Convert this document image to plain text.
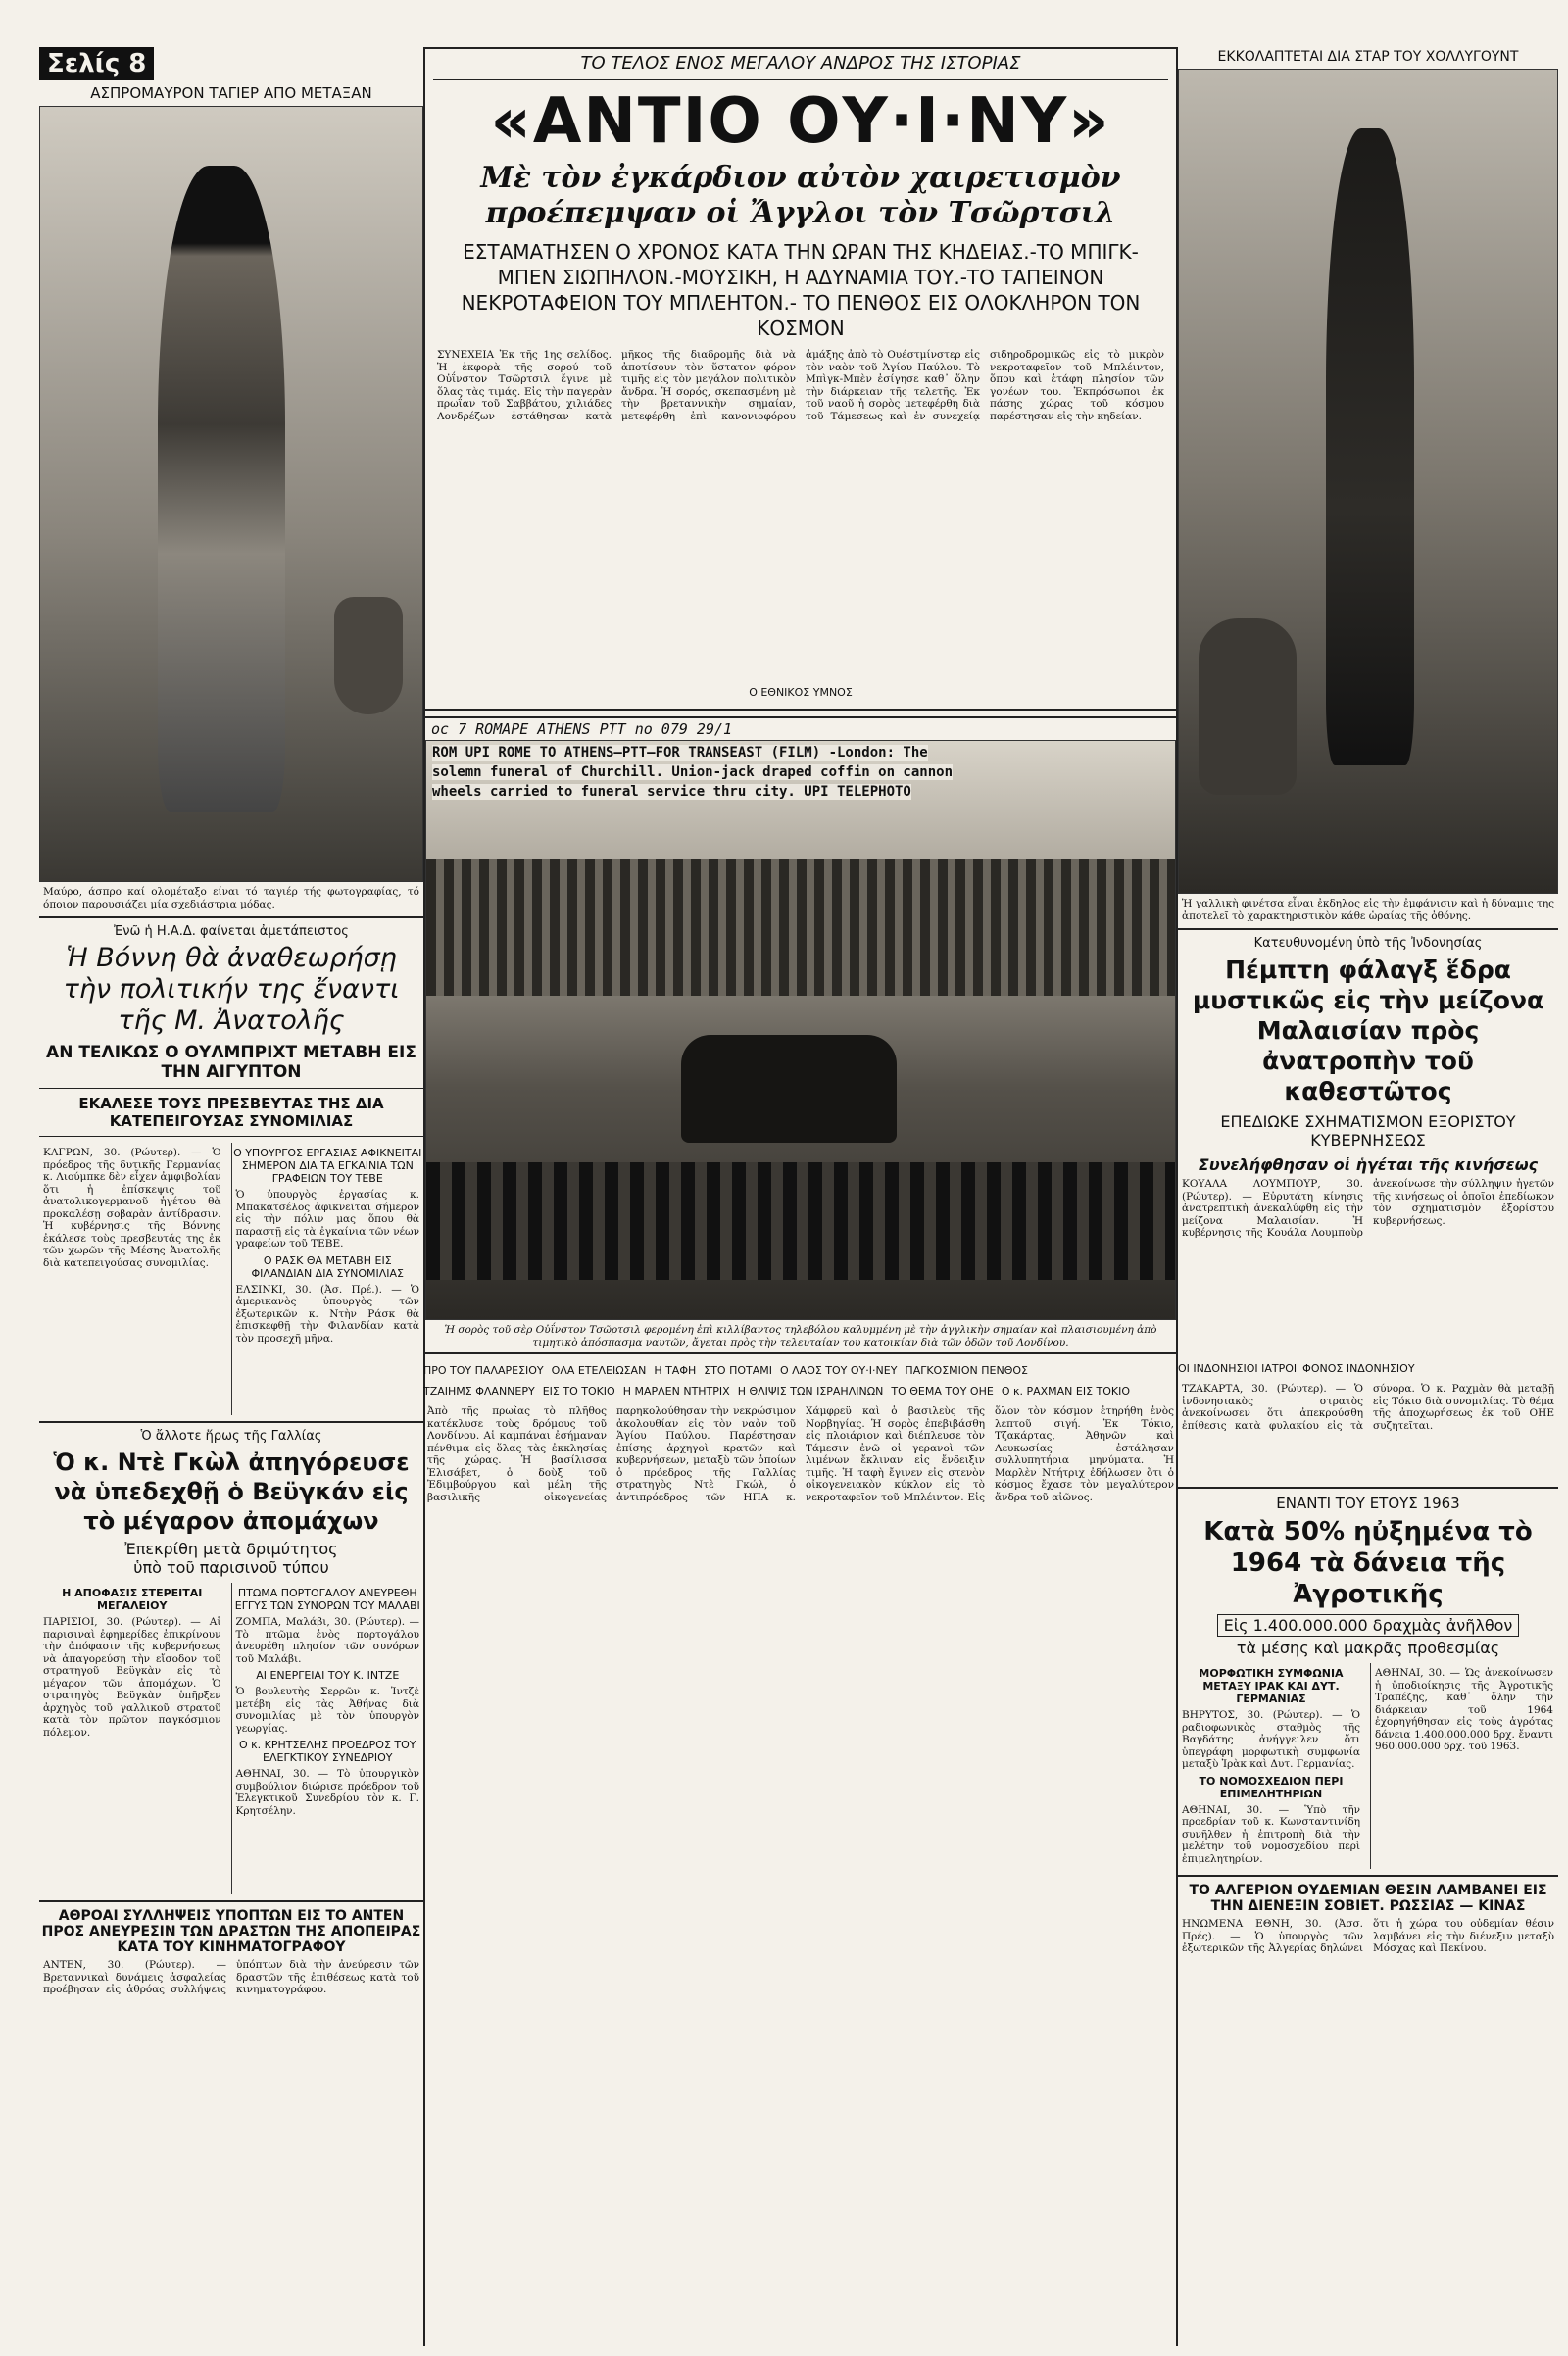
Σελίς 8
ΑΣΠΡΟΜΑΥΡΟΝ ΤΑΓΙΕΡ ΑΠΟ ΜΕΤΑΞΑΝ
Μαύρο, άσπρο καί ολομέταξο είναι τό ταγιέρ τής φωτογραφίας, τό όποιον παρουσιάζει μία σχεδιάστρια μόδας.
Ἐνῶ ἡ Η.Α.Δ. φαίνεται ἀμετάπειστος
Ἡ Βόννη θὰ ἀναθεωρήσῃ τὴν πολιτικήν της ἔναντι τῆς Μ. Ἀνατολῆς
ΑΝ ΤΕΛΙΚΩΣ Ο ΟΥΛΜΠΡΙΧΤ ΜΕΤΑΒΗ ΕΙΣ ΤΗΝ ΑΙΓΥΠΤΟΝ
ΕΚΑΛΕΣΕ ΤΟΥΣ ΠΡΕΣΒΕΥΤΑΣ ΤΗΣ ΔΙΑ ΚΑΤΕΠΕΙΓΟΥΣΑΣ ΣΥΝΟΜΙΛΙΑΣ
ΚΑΓΡΩΝ, 30. (Ρώυτερ). — Ὁ πρόεδρος τῆς δυτικῆς Γερμανίας κ. Λιούμπκε δὲν εἶχεν ἀμφιβολίαν ὅτι ἡ ἐπίσκεψις τοῦ ἀνατολικογερμανοῦ ἡγέτου θὰ προκαλέσῃ σοβαρὰν ἀντίδρασιν. Ἡ κυβέρνησις τῆς Βόννης ἐκάλεσε τοὺς πρεσβευτάς της ἐκ τῶν χωρῶν τῆς Μέσης Ἀνατολῆς διὰ κατεπειγούσας συνομιλίας.
Ο ΥΠΟΥΡΓΟΣ ΕΡΓΑΣΙΑΣ ΑΦΙΚΝΕΙΤΑΙ ΣΗΜΕΡΟΝ ΔΙΑ ΤΑ ΕΓΚΑΙΝΙΑ ΤΩΝ ΓΡΑΦΕΙΩΝ ΤΟΥ ΤΕΒΕ
Ὁ ὑπουργὸς ἐργασίας κ. Μπακατσέλος ἀφικνεῖται σήμερον εἰς τὴν πόλιν μας ὅπου θὰ παραστῇ εἰς τὰ ἐγκαίνια τῶν νέων γραφείων τοῦ ΤΕΒΕ.
Ο ΡΑΣΚ ΘΑ ΜΕΤΑΒΗ ΕΙΣ ΦΙΛΑΝΔΙΑΝ ΔΙΑ ΣΥΝΟΜΙΛΙΑΣ
ΕΛΣΙΝΚΙ, 30. (Ἀσ. Πρέ.). — Ὁ ἀμερικανὸς ὑπουργὸς τῶν ἐξωτερικῶν κ. Ντὴν Ράσκ θὰ ἐπισκεφθῇ τὴν Φιλανδίαν κατὰ τὸν προσεχῆ μῆνα.
Ὁ ἄλλοτε ἥρως τῆς Γαλλίας
Ὁ κ. Ντὲ Γκὼλ ἀπηγόρευσε νὰ ὑπεδεχθῇ ὁ Βεϋγκάν εἰς τὸ μέγαρον ἀπομάχων
Ἐπεκρίθη μετὰ δριμύτητος
ὑπὸ τοῦ παρισινοῦ τύπου
Η ΑΠΟΦΑΣΙΣ ΣΤΕΡΕΙΤΑΙ ΜΕΓΑΛΕΙΟΥ
ΠΑΡΙΣΙΟΙ, 30. (Ρώυτερ). — Αἱ παρισιναὶ ἐφημερίδες ἐπικρίνουν τὴν ἀπόφασιν τῆς κυβερνήσεως νὰ ἀπαγορεύσῃ τὴν εἴσοδον τοῦ στρατηγοῦ Βεϋγκὰν εἰς τὸ μέγαρον τῶν ἀπομάχων. Ὁ στρατηγὸς Βεϋγκὰν ὑπῆρξεν ἀρχηγὸς τοῦ γαλλικοῦ στρατοῦ κατὰ τὸν πρῶτον παγκόσμιον πόλεμον.
ΠΤΩΜΑ ΠΟΡΤΟΓΑΛΟΥ ΑΝΕΥΡΕΘΗ ΕΓΓΥΣ ΤΩΝ ΣΥΝΟΡΩΝ ΤΟΥ ΜΑΛΑΒΙ
ΖΟΜΠΑ, Μαλάβι, 30. (Ρώυτερ). — Τὸ πτῶμα ἑνὸς πορτογάλου ἀνευρέθη πλησίον τῶν συνόρων τοῦ Μαλάβι.
ΑΙ ΕΝΕΡΓΕΙΑΙ ΤΟΥ Κ. ΙΝΤΖΕ
Ὁ βουλευτὴς Σερρῶν κ. Ἰντζὲ μετέβη εἰς τὰς Ἀθήνας διὰ συνομιλίας μὲ τὸν ὑπουργὸν γεωργίας.
Ο κ. ΚΡΗΤΣΕΛΗΣ ΠΡΟΕΔΡΟΣ ΤΟΥ ΕΛΕΓΚΤΙΚΟΥ ΣΥΝΕΔΡΙΟΥ
ΑΘΗΝΑΙ, 30. — Τὸ ὑπουργικὸν συμβούλιον διώρισε πρόεδρον τοῦ Ἐλεγκτικοῦ Συνεδρίου τὸν κ. Γ. Κρητσέλην.
ΑΘΡΟΑΙ ΣΥΛΛΗΨΕΙΣ ΥΠΟΠΤΩΝ ΕΙΣ ΤΟ ΑΝΤΕΝ ΠΡΟΣ ΑΝΕΥΡΕΣΙΝ ΤΩΝ ΔΡΑΣΤΩΝ ΤΗΣ ΑΠΟΠΕΙΡΑΣ ΚΑΤΑ ΤΟΥ ΚΙΝΗΜΑΤΟΓΡΑΦΟΥ
ΑΝΤΕΝ, 30. (Ρώυτερ). — Βρεταννικαὶ δυνάμεις ἀσφαλείας προέβησαν εἰς ἀθρόας συλλήψεις ὑπόπτων διὰ τὴν ἀνεύρεσιν τῶν δραστῶν τῆς ἐπιθέσεως κατὰ τοῦ κινηματογράφου.
ΤΟ ΤΕΛΟΣ ΕΝΟΣ ΜΕΓΑΛΟΥ ΑΝΔΡΟΣ ΤΗΣ ΙΣΤΟΡΙΑΣ
«ΑΝΤΙΟ ΟΥ·Ι·ΝΥ»
Μὲ τὸν ἐγκάρδιον αὐτὸν χαιρετισμὸν προέπεμψαν οἱ Ἄγγλοι τὸν Τσῶρτσιλ
ΕΣΤΑΜΑΤΗΣΕΝ Ο ΧΡΟΝΟΣ ΚΑΤΑ ΤΗΝ ΩΡΑΝ ΤΗΣ ΚΗΔΕΙΑΣ.-ΤΟ ΜΠΙΓΚ-ΜΠΕΝ ΣΙΩΠΗΛΟΝ.-ΜΟΥΣΙΚΗ, Η ΑΔΥΝΑΜΙΑ ΤΟΥ.-ΤΟ ΤΑΠΕΙΝΟΝ ΝΕΚΡΟΤΑΦΕΙΟΝ ΤΟΥ ΜΠΛΕΗΤΟΝ.- ΤΟ ΠΕΝΘΟΣ ΕΙΣ ΟΛΟΚΛΗΡΟΝ ΤΟΝ ΚΟΣΜΟΝ
ΣΥΝΕΧΕΙΑ Ἐκ τῆς 1ης σελίδος. Ἡ ἐκφορὰ τῆς σορού τοῦ Οὐΐνστον Τσῶρτσιλ ἔγινε μὲ ὅλας τὰς τιμάς. Εἰς τὴν παγερὰν πρωΐαν τοῦ Σαββάτου, χιλιάδες Λονδρέζων ἐστάθησαν κατὰ μῆκος τῆς διαδρομῆς διὰ νὰ ἀποτίσουν τὸν ὕστατον φόρον τιμῆς εἰς τὸν μεγάλον πολιτικὸν ἄνδρα. Ἡ σορός, σκεπασμένη μὲ τὴν βρεταννικὴν σημαίαν, μετεφέρθη ἐπὶ κανονιοφόρου ἁμάξης ἀπὸ τὸ Ουέστμίνστερ εἰς τὸν ναὸν τοῦ Ἁγίου Παύλου. Τὸ Μπὶγκ-Μπὲν ἐσίγησε καθ᾽ ὅλην τὴν διάρκειαν τῆς τελετῆς. Ἐκ τοῦ ναοῦ ἡ σορὸς μετεφέρθη διὰ τοῦ Τάμεσεως καὶ ἐν συνεχείᾳ σιδηροδρομικῶς εἰς τὸ μικρὸν νεκροταφεῖον τοῦ Μπλέιντον, ὅπου καὶ ἐτάφη πλησίον τῶν γονέων του. Ἐκπρόσωποι ἐκ πάσης χώρας τοῦ κόσμου παρέστησαν εἰς τὴν κηδείαν.
Ο ΕΘΝΙΚΟΣ ΥΜΝΟΣ
oc 7 ROMAPE ATHENS PTT no 079 29/1
ROM UPI ROME TO ATHENS—PTT—FOR TRANSEAST (FILM) -London: The
solemn funeral of Churchill. Union-jack draped coffin on cannon
wheels carried to funeral service thru city. UPI TELEPHOTO
Ἡ σορὸς τοῦ σὲρ Οὐΐνστον Τσῶρτσιλ φερομένη ἐπὶ κιλλίβαντος τηλεβόλου καλυμμένη μὲ τὴν ἀγγλικὴν σημαίαν καὶ πλαισιουμένη ἀπὸ τιμητικὸ ἀπόσπασμα ναυτῶν, ἄγεται πρὸς τὴν τελευταίαν του κατοικίαν διὰ τῶν ὁδῶν τοῦ Λονδίνου.
ΠΡΟ ΤΟΥ ΠΑΛΑΡΕΣΙΟΥ ΟΛΑ ΕΤΕΛΕΙΩΣΑΝ Η ΤΑΦΗ ΣΤΟ ΠΟΤΑΜΙ Ο ΛΑΟΣ ΤΟΥ ΟΥ·Ι·ΝΕΥ ΠΑΓΚΟΣΜΙΟΝ ΠΕΝΘΟΣ
ΤΖΑΙΗΜΣ ΦΛΑΝΝΕΡΥ ΕΙΣ ΤΟ ΤΟΚΙΟ Η ΜΑΡΛΕΝ ΝΤΗΤΡΙΧ Η ΘΛΙΨΙΣ ΤΩΝ ΙΣΡΑΗΛΙΝΩΝ ΤΟ ΘΕΜΑ ΤΟΥ ΟΗΕ Ο κ. ΡΑΧΜΑΝ ΕΙΣ ΤΟΚΙΟ
Ἀπὸ τῆς πρωΐας τὸ πλῆθος κατέκλυσε τοὺς δρόμους τοῦ Λονδίνου. Αἱ καμπάναι ἐσήμαναν πένθιμα εἰς ὅλας τὰς ἐκκλησίας τῆς χώρας. Ἡ βασίλισσα Ἐλισάβετ, ὁ δοὺξ τοῦ Ἐδιμβούργου καὶ μέλη τῆς βασιλικῆς οἰκογενείας παρηκολούθησαν τὴν νεκρώσιμον ἀκολουθίαν εἰς τὸν ναὸν τοῦ Ἁγίου Παύλου. Παρέστησαν ἐπίσης ἀρχηγοὶ κρατῶν καὶ κυβερνήσεων, μεταξὺ τῶν ὁποίων ὁ πρόεδρος τῆς Γαλλίας στρατηγὸς Ντὲ Γκώλ, ὁ ἀντιπρόεδρος τῶν ΗΠΑ κ. Χάμφρεϋ καὶ ὁ βασιλεὺς τῆς Νορβηγίας. Ἡ σορὸς ἐπεβιβάσθη εἰς πλοιάριον καὶ διέπλευσε τὸν Τάμεσιν ἐνῶ οἱ γερανοὶ τῶν λιμένων ἔκλιναν εἰς ἔνδειξιν τιμῆς. Ἡ ταφὴ ἔγινεν εἰς στενὸν οἰκογενειακὸν κύκλον εἰς τὸ νεκροταφεῖον τοῦ Μπλέιντον. Εἰς ὅλον τὸν κόσμον ἐτηρήθη ἑνὸς λεπτοῦ σιγή. Ἐκ Τόκιο, Τζακάρτας, Ἀθηνῶν καὶ Λευκωσίας ἐστάλησαν συλλυπητήρια μηνύματα. Ἡ Μαρλὲν Ντήτριχ ἐδήλωσεν ὅτι ὁ κόσμος ἔχασε τὸν μεγαλύτερον ἄνδρα τοῦ αἰῶνος.
ΕΚΚΟΛΑΠΤΕΤΑΙ ΔΙΑ ΣΤΑΡ ΤΟΥ ΧΟΛΛΥΓΟΥΝΤ
Ἡ γαλλικὴ φινέτσα εἶναι ἐκδηλος εἰς τὴν ἐμφάνισιν καὶ ἡ δύναμις της ἀποτελεῖ τὸ χαρακτηριστικὸν κάθε ὡραίας τῆς ὀθόνης.
Κατευθυνομένη ὑπὸ τῆς Ἰνδονησίας
Πέμπτη φάλαγξ ἕδρα μυστικῶς εἰς τὴν μείζονα Μαλαισίαν πρὸς ἀνατροπὴν τοῦ καθεστῶτος
ΕΠΕΔΙΩΚΕ ΣΧΗΜΑΤΙΣΜΟΝ ΕΞΟΡΙΣΤΟΥ ΚΥΒΕΡΝΗΣΕΩΣ
Συνελήφθησαν οἱ ἡγέται τῆς κινήσεως
ΚΟΥΑΛΑ ΛΟΥΜΠΟΥΡ, 30. (Ρώυτερ). — Εὐρυτάτη κίνησις ἀνατρεπτικὴ ἀνεκαλύφθη εἰς τὴν μείζονα Μαλαισίαν. Ἡ κυβέρνησις τῆς Κουάλα Λουμποὺρ ἀνεκοίνωσε τὴν σύλληψιν ἡγετῶν τῆς κινήσεως οἱ ὁποῖοι ἐπεδίωκον τὸν σχηματισμὸν ἐξορίστου κυβερνήσεως.
ΟΙ ΙΝΔΟΝΗΣΙΟΙ ΙΑΤΡΟΙ ΦΟΝΟΣ ΙΝΔΟΝΗΣΙΟΥ
ΤΖΑΚΑΡΤΑ, 30. (Ρώυτερ). — Ὁ ἰνδονησιακὸς στρατὸς ἀνεκοίνωσεν ὅτι ἀπεκρούσθη ἐπίθεσις κατὰ φυλακίου εἰς τὰ σύνορα. Ὁ κ. Ραχμὰν θὰ μεταβῇ εἰς Τόκιο διὰ συνομιλίας. Τὸ θέμα τῆς ἀποχωρήσεως ἐκ τοῦ ΟΗΕ συζητεῖται.
ΕΝΑΝΤΙ ΤΟΥ ΕΤΟΥΣ 1963
Κατὰ 50% ηὐξημένα τὸ 1964 τὰ δάνεια τῆς Ἀγροτικῆς
Εἰς 1.400.000.000 δραχμὰς ἀνῆλθον
τὰ μέσης καὶ μακρᾶς προθεσμίας
ΜΟΡΦΩΤΙΚΗ ΣΥΜΦΩΝΙΑ ΜΕΤΑΞΥ ΙΡΑΚ ΚΑΙ ΔΥΤ. ΓΕΡΜΑΝΙΑΣ
ΒΗΡΥΤΟΣ, 30. (Ρώυτερ). — Ὁ ραδιοφωνικὸς σταθμὸς τῆς Βαγδάτης ἀνήγγειλεν ὅτι ὑπεγράφη μορφωτικὴ συμφωνία μεταξὺ Ἰρὰκ καὶ Δυτ. Γερμανίας.
ΤΟ ΝΟΜΟΣΧΕΔΙΟΝ ΠΕΡΙ ΕΠΙΜΕΛΗΤΗΡΙΩΝ
ΑΘΗΝΑΙ, 30. — Ὑπὸ τῆν προεδρίαν τοῦ κ. Κωνσταντινίδη συνῆλθεν ἡ ἐπιτροπὴ διὰ τὴν μελέτην τοῦ νομοσχεδίου περὶ ἐπιμελητηρίων.
ΑΘΗΝΑΙ, 30. — Ὡς ἀνεκοίνωσεν ἡ ὑποδιοίκησις τῆς Ἀγροτικῆς Τραπέζης, καθ᾽ ὅλην τὴν διάρκειαν τοῦ 1964 ἐχορηγήθησαν εἰς τοὺς ἀγρότας δάνεια 1.400.000.000 δρχ. ἔναντι 960.000.000 δρχ. τοῦ 1963.
ΤΟ ΑΛΓΕΡΙΟΝ ΟΥΔΕΜΙΑΝ ΘΕΣΙΝ ΛΑΜΒΑΝΕΙ ΕΙΣ ΤΗΝ ΔΙΕΝΕΞΙΝ ΣΟΒΙΕΤ. ΡΩΣΣΙΑΣ — ΚΙΝΑΣ
ΗΝΩΜΕΝΑ ΕΘΝΗ, 30. (Ἀσσ. Πρές). — Ὁ ὑπουργὸς τῶν ἐξωτερικῶν τῆς Ἀλγερίας δηλώνει ὅτι ἡ χώρα του οὐδεμίαν θέσιν λαμβάνει εἰς τὴν διένεξιν μεταξὺ Μόσχας καὶ Πεκίνου.
